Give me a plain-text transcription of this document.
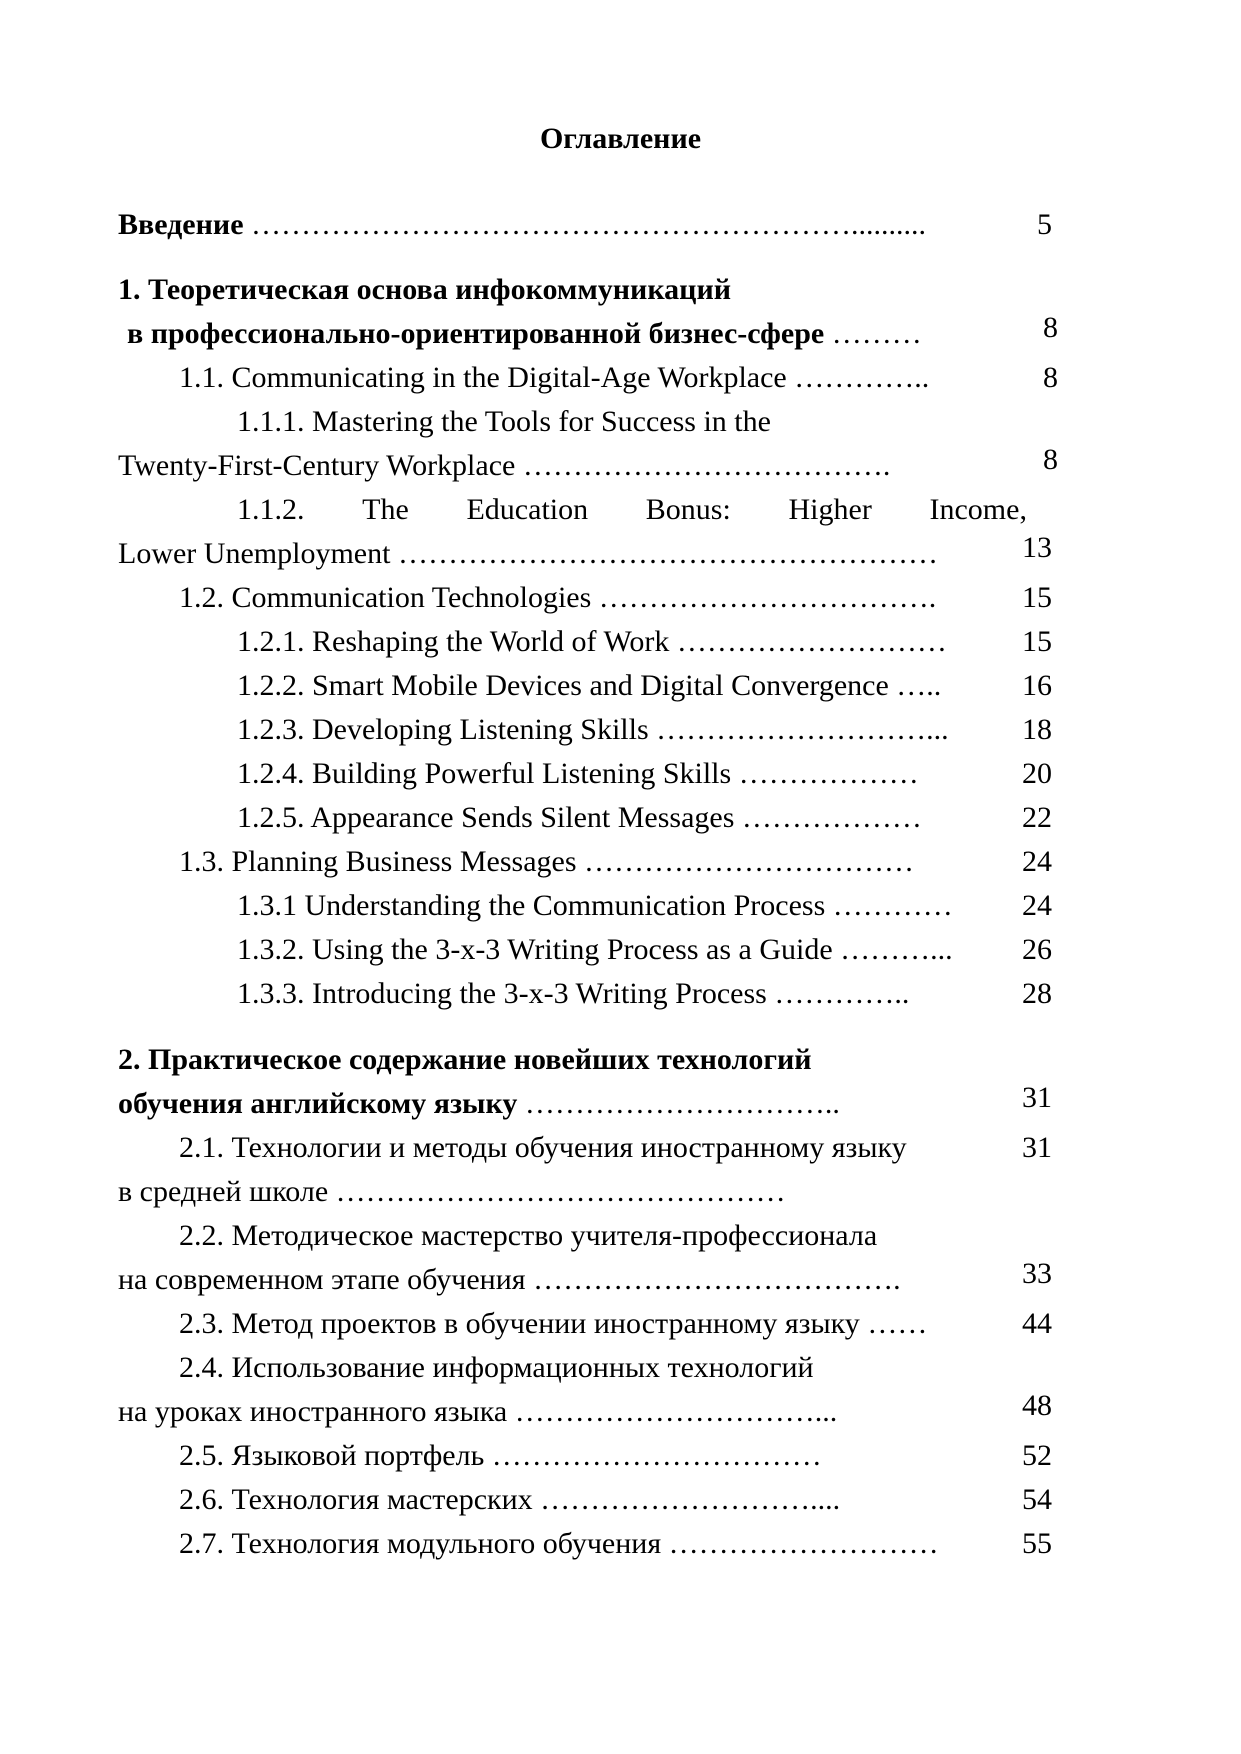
Оглавление
Введение ……………………………………………………..........	5
1. Теоретическая основа инфокоммуникаций
в профессионально-ориентированной бизнес-сфере ………	8
1.1. Communicating in the Digital-Age Workplace …………..	8
1.1.1. Mastering the Tools for Success in the
Twenty-First-Century Workplace ……………………………….	8
1.1.2. The Education Bonus: Higher Income,
Lower Unemployment ………………………………………………	13
1.2. Communication Technologies …………………………….	15
1.2.1. Reshaping the World of Work ………………………	15
1.2.2. Smart Mobile Devices and Digital Convergence …..	16
1.2.3. Developing Listening Skills ………………………... 18
1.2.4. Building Powerful Listening Skills ………………	20
1.2.5. Appearance Sends Silent Messages ………………	22
1.3. Planning Business Messages ……………………………	24
1.3.1 Understanding the Communication Process ………… 24
1.3.2. Using the 3-x-3 Writing Process as a Guide ………... 26
1.3.3. Introducing the 3-x-3 Writing Process …………..	28
2. Практическое содержание новейших технологий
обучения английскому языку …………………………..	31
2.1. Технологии и методы обучения иностранному языку	31
в средней школе ………………………………………
2.2. Методическое мастерство учителя-профессионала
на современном этапе обучения ……………………………….	33
2.3. Метод проектов в обучении иностранному языку ……	44
2.4. Использование информационных технологий
на уроках иностранного языка …………………………...	48
2.5. Языковой портфель ……………………………	52
2.6. Технология мастерских ………………………....	54
2.7. Технология модульного обучения ………………………	55
